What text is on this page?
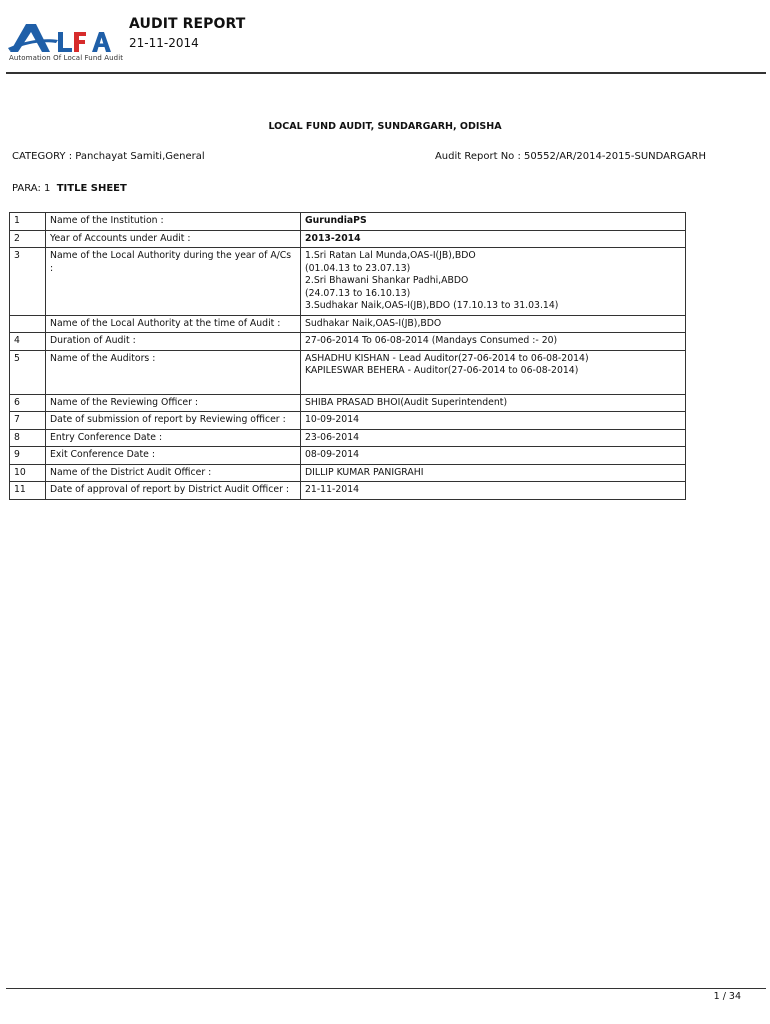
Automation Of Local Fund Audit
AUDIT REPORT
21-11-2014
LOCAL FUND AUDIT, SUNDARGARH, ODISHA
CATEGORY : Panchayat Samiti,General	Audit Report No : 50552/AR/2014-2015-SUNDARGARH
PARA: 1 TITLE SHEET
1	Name of the Institution :	GurundiaPS
2	Year of Accounts under Audit :	2013-2014
3	Name of the Local Authority during the year of A/Cs :	1.Sri Ratan Lal Munda,OAS-I(JB),BDO
(01.04.13 to 23.07.13)
2.Sri Bhawani Shankar Padhi,ABDO
(24.07.13 to 16.10.13)
3.Sudhakar Naik,OAS-I(JB),BDO (17.10.13 to 31.03.14)

	Name of the Local Authority at the time of Audit :	Sudhakar Naik,OAS-I(JB),BDO
4	Duration of Audit :	27-06-2014 To 06-08-2014 (Mandays Consumed :- 20)
5	Name of the Auditors :	ASHADHU KISHAN - Lead Auditor(27-06-2014 to 06-08-2014)
KAPILESWAR BEHERA - Auditor(27-06-2014 to 06-08-2014)

6	Name of the Reviewing Officer :	SHIBA PRASAD BHOI(Audit Superintendent)
7	Date of submission of report by Reviewing officer :	10-09-2014
8	Entry Conference Date :	23-06-2014
9	Exit Conference Date :	08-09-2014
10	Name of the District Audit Officer :	DILLIP KUMAR PANIGRAHI
11	Date of approval of report by District Audit Officer :	21-11-2014
1 / 34
